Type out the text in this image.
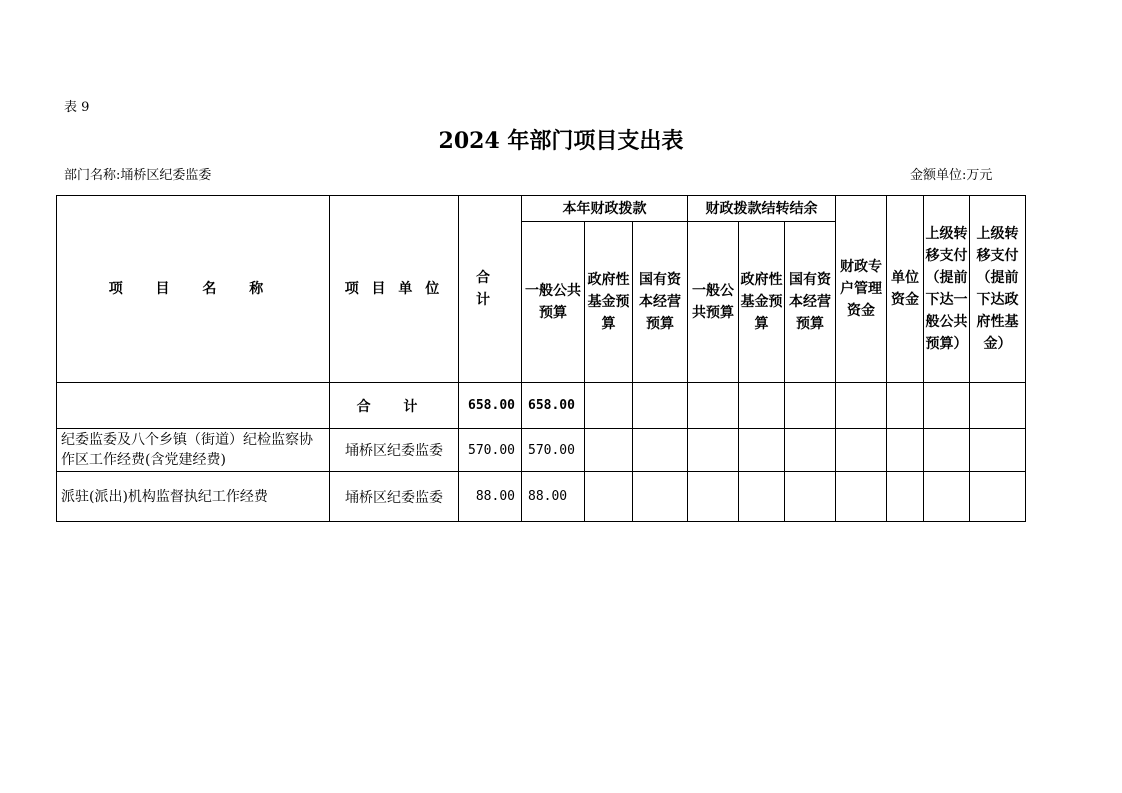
表 9
2024 年部门项目支出表
部门名称:埇桥区纪委监委	金额单位:万元
项 目 名 称	项 目 单 位	合 计	本年财政拨款			财政拨款结转结余			财政专户管理资金	单位资金	上级转移支付（提前下达一般公共预算）	上级转移支付（提前下达政府性基金）
			一般公共预算	政府性基金预算	国有资本经营预算	一般公共预算	政府性基金预算	国有资本经营预算				
	合 计	658.00	658.00									
纪委监委及八个乡镇（街道）纪检监察协作区工作经费(含党建经费)	埇桥区纪委监委	570.00	570.00									
派驻(派出)机构监督执纪工作经费	埇桥区纪委监委	88.00	88.00									
